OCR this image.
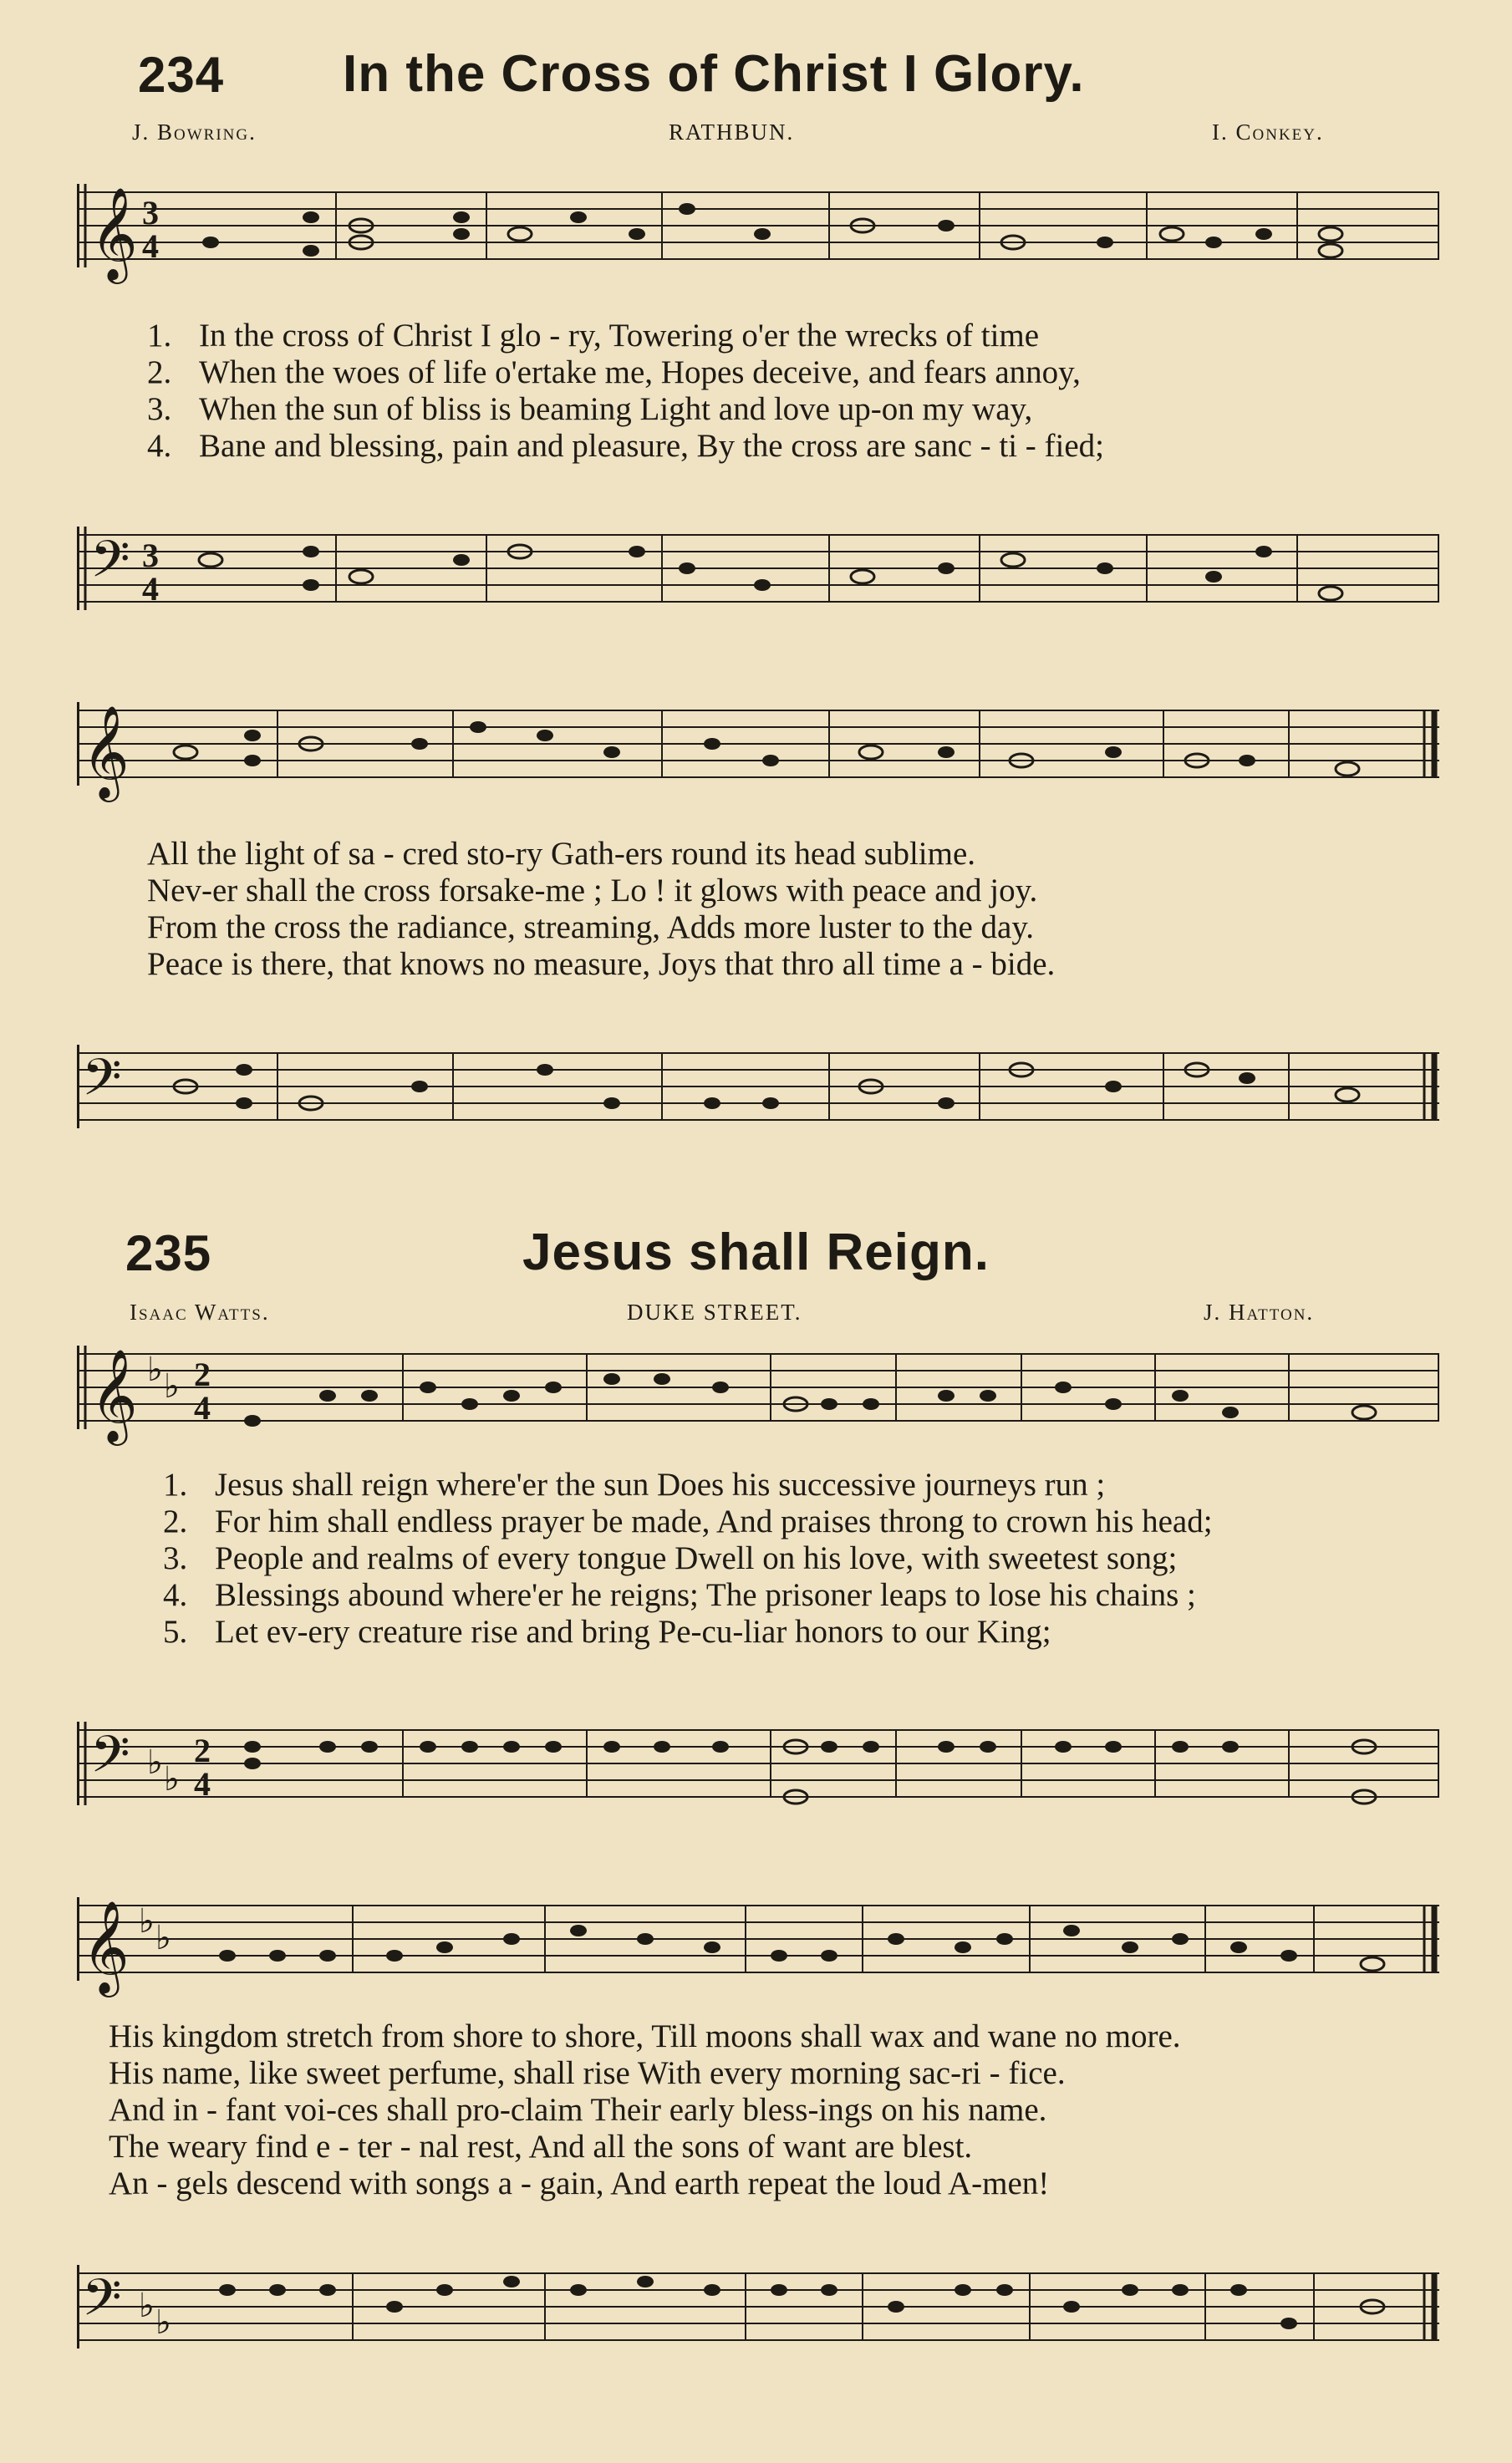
234 In the Cross of Christ I Glory.
J. Bowring.	RATHBUN.	I. Conkey.
𝄞 3
4
1. In the cross of Christ I glo - ry, Towering o'er the wrecks of time
2. When the woes of life o'ertake me, Hopes deceive, and fears annoy,
3. When the sun of bliss is beaming Light and love up-on my way,
4. Bane and blessing, pain and pleasure, By the cross are sanc - ti - fied;
𝄢 3
4
𝄞
All the light of sa - cred sto-ry Gath-ers round its head sublime.
Nev-er shall the cross forsake-me ; Lo ! it glows with peace and joy.
From the cross the radiance, streaming, Adds more luster to the day.
Peace is there, that knows no measure, Joys that thro all time a - bide.
𝄢
235	Jesus shall Reign.
Isaac Watts.	DUKE STREET.	J. Hatton.
𝄞 ♭ ♭ 2
4
1. Jesus shall reign where'er the sun Does his successive journeys run ;
2. For him shall endless prayer be made, And praises throng to crown his head;
3. People and realms of every tongue Dwell on his love, with sweetest song;
4. Blessings abound where'er he reigns; The prisoner leaps to lose his chains ;
5. Let ev-ery creature rise and bring Pe-cu-liar honors to our King;
𝄢 ♭ ♭
2
4
𝄞 ♭ ♭
His kingdom stretch from shore to shore, Till moons shall wax and wane no more.
His name, like sweet perfume, shall rise With every morning sac-ri - fice.
And in - fant voi-ces shall pro-claim Their early bless-ings on his name.
The weary find e - ter - nal rest, And all the sons of want are blest.
An - gels descend with songs a - gain, And earth repeat the loud A-men!
𝄢 ♭ ♭
